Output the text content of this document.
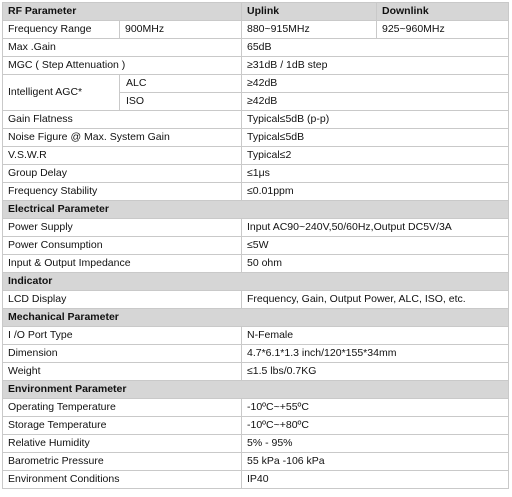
RF Parameter		Uplink	Downlink
Frequency Range	900MHz	880~915MHz	925~960MHz
Max .Gain		65dB	
MGC ( Step Attenuation )		≥31dB / 1dB step	
Intelligent AGC*	ALC	≥42dB	
	ISO	≥42dB	
Gain Flatness		Typical≤5dB (p-p)	
Noise Figure @ Max. System Gain		Typical≤5dB	
V.S.W.R		Typical≤2	
Group Delay		≤1μs	
Frequency Stability		≤0.01ppm	
Electrical Parameter			
Power Supply		Input AC90~240V,50/60Hz,Output DC5V/3A	
Power Consumption		≤5W	
Input & Output Impedance		50 ohm	
Indicator			
LCD Display		Frequency, Gain, Output Power, ALC, ISO, etc.	
Mechanical Parameter			
I /O Port Type		N-Female	
Dimension		4.7*6.1*1.3 inch/120*155*34mm	
Weight		≤1.5 lbs/0.7KG	
Environment Parameter			
Operating Temperature		-10ºC~+55ºC	
Storage Temperature		-10ºC~+80ºC	
Relative Humidity		5% - 95%	
Barometric Pressure		55 kPa -106 kPa	
Environment Conditions		IP40	
